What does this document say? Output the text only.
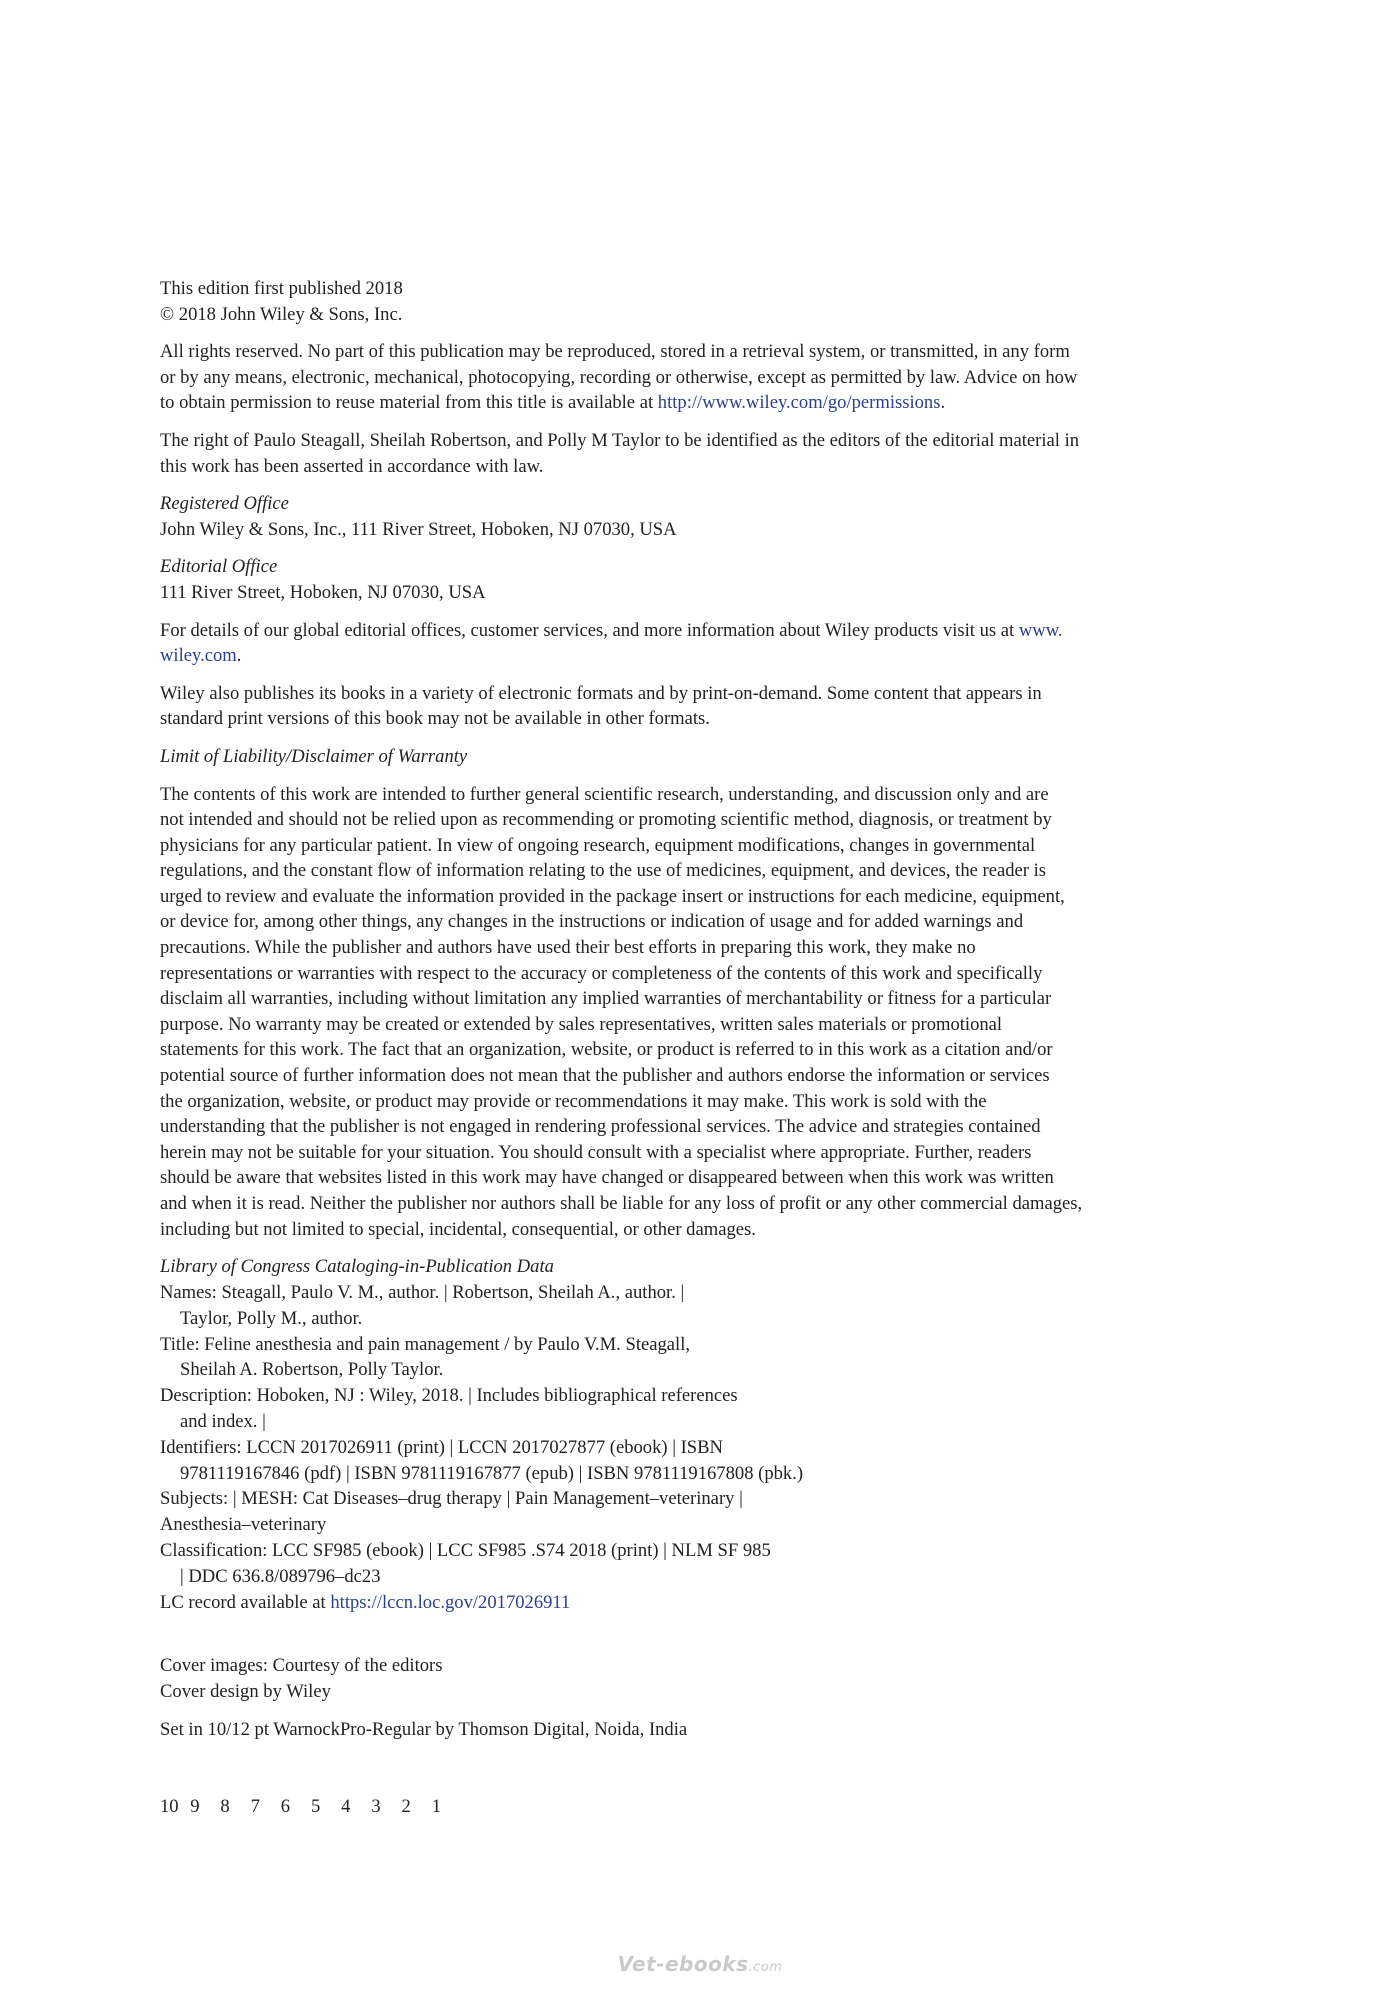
This edition first published 2018
© 2018 John Wiley & Sons, Inc.

All rights reserved. No part of this publication may be reproduced, stored in a retrieval system, or transmitted, in any form
or by any means, electronic, mechanical, photocopying, recording or otherwise, except as permitted by law. Advice on how
to obtain permission to reuse material from this title is available at http://www.wiley.com/go/permissions.

The right of Paulo Steagall, Sheilah Robertson, and Polly M Taylor to be identified as the editors of the editorial material in
this work has been asserted in accordance with law.

Registered Office
John Wiley & Sons, Inc., 111 River Street, Hoboken, NJ 07030, USA

Editorial Office
111 River Street, Hoboken, NJ 07030, USA

For details of our global editorial offices, customer services, and more information about Wiley products visit us at www.
wiley.com.

Wiley also publishes its books in a variety of electronic formats and by print-on-demand. Some content that appears in
standard print versions of this book may not be available in other formats.

Limit of Liability/Disclaimer of Warranty

The contents of this work are intended to further general scientific research, understanding, and discussion only and are
not intended and should not be relied upon as recommending or promoting scientific method, diagnosis, or treatment by
physicians for any particular patient. In view of ongoing research, equipment modifications, changes in governmental
regulations, and the constant flow of information relating to the use of medicines, equipment, and devices, the reader is
urged to review and evaluate the information provided in the package insert or instructions for each medicine, equipment,
or device for, among other things, any changes in the instructions or indication of usage and for added warnings and
precautions. While the publisher and authors have used their best efforts in preparing this work, they make no
representations or warranties with respect to the accuracy or completeness of the contents of this work and specifically
disclaim all warranties, including without limitation any implied warranties of merchantability or fitness for a particular
purpose. No warranty may be created or extended by sales representatives, written sales materials or promotional
statements for this work. The fact that an organization, website, or product is referred to in this work as a citation and/or
potential source of further information does not mean that the publisher and authors endorse the information or services
the organization, website, or product may provide or recommendations it may make. This work is sold with the
understanding that the publisher is not engaged in rendering professional services. The advice and strategies contained
herein may not be suitable for your situation. You should consult with a specialist where appropriate. Further, readers
should be aware that websites listed in this work may have changed or disappeared between when this work was written
and when it is read. Neither the publisher nor authors shall be liable for any loss of profit or any other commercial damages,
including but not limited to special, incidental, consequential, or other damages.

Library of Congress Cataloging-in-Publication Data
Names: Steagall, Paulo V. M., author. | Robertson, Sheilah A., author. |
Taylor, Polly M., author.
Title: Feline anesthesia and pain management / by Paulo V.M. Steagall,
Sheilah A. Robertson, Polly Taylor.
Description: Hoboken, NJ : Wiley, 2018. | Includes bibliographical references
and index. |
Identifiers: LCCN 2017026911 (print) | LCCN 2017027877 (ebook) | ISBN
9781119167846 (pdf) | ISBN 9781119167877 (epub) | ISBN 9781119167808 (pbk.)
Subjects: | MESH: Cat Diseases–drug therapy | Pain Management–veterinary |
Anesthesia–veterinary
Classification: LCC SF985 (ebook) | LCC SF985 .S74 2018 (print) | NLM SF 985
| DDC 636.8/089796–dc23
LC record available at https://lccn.loc.gov/2017026911

Cover images: Courtesy of the editors
Cover design by Wiley

Set in 10/12 pt WarnockPro-Regular by Thomson Digital, Noida, India

10 9 8 7 6 5 4 3 2 1
Vet-ebooks.com
